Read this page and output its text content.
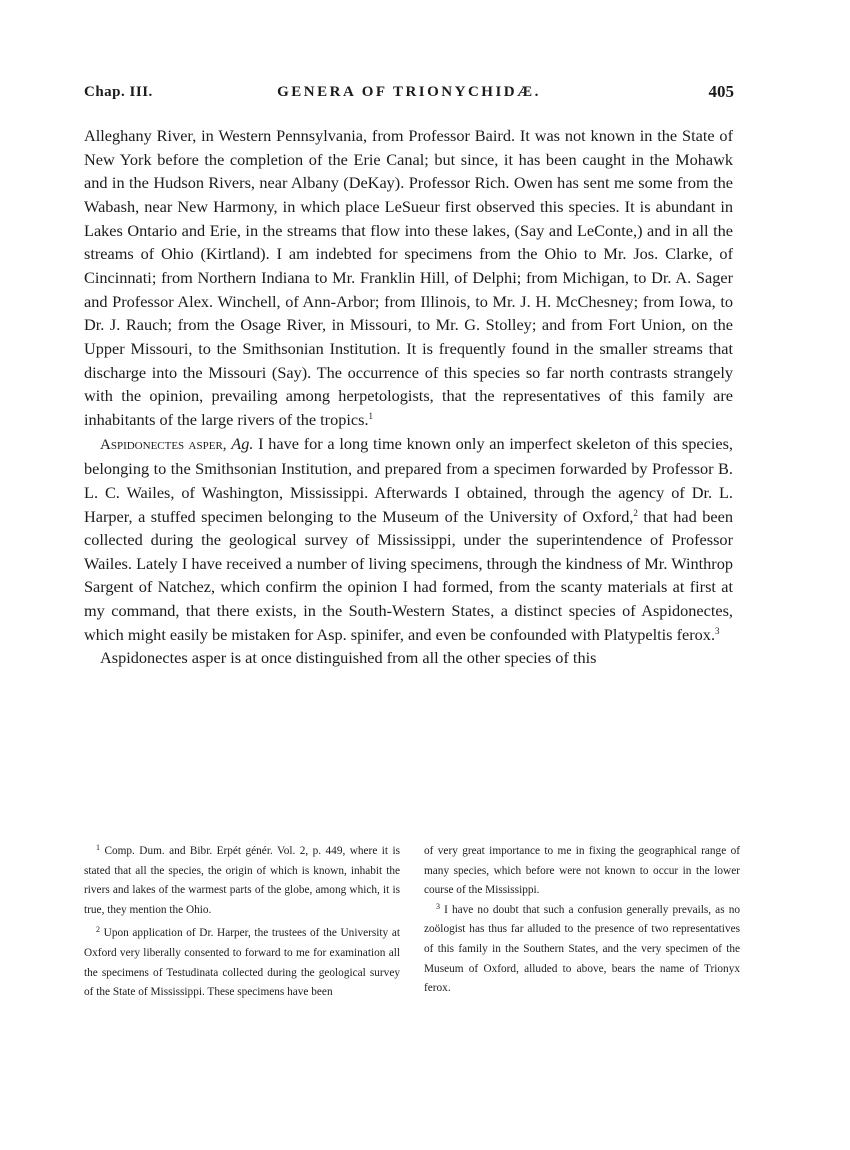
Chap. III.	GENERA OF TRIONYCHIDÆ.	405

Alleghany River, in Western Pennsylvania, from Professor Baird. It was not known in the State of New York before the completion of the Erie Canal; but since, it has been caught in the Mohawk and in the Hudson Rivers, near Albany (DeKay). Professor Rich. Owen has sent me some from the Wabash, near New Harmony, in which place LeSueur first observed this species. It is abundant in Lakes Ontario and Erie, in the streams that flow into these lakes, (Say and LeConte,) and in all the streams of Ohio (Kirtland). I am indebted for specimens from the Ohio to Mr. Jos. Clarke, of Cincinnati; from Northern Indiana to Mr. Franklin Hill, of Delphi; from Michigan, to Dr. A. Sager and Professor Alex. Winchell, of Ann-Arbor; from Illinois, to Mr. J. H. McChesney; from Iowa, to Dr. J. Rauch; from the Osage River, in Missouri, to Mr. G. Stolley; and from Fort Union, on the Upper Missouri, to the Smithsonian Institution. It is frequently found in the smaller streams that discharge into the Missouri (Say). The occurrence of this species so far north contrasts strangely with the opinion, prevailing among herpetologists, that the representatives of this family are inhabitants of the large rivers of the tropics.$^1$

Aspidonectes asper, Ag. I have for a long time known only an imperfect skeleton of this species, belonging to the Smithsonian Institution, and prepared from a specimen forwarded by Professor B. L. C. Wailes, of Washington, Mississippi. Afterwards I obtained, through the agency of Dr. L. Harper, a stuffed specimen belonging to the Museum of the University of Oxford,$^2$ that had been collected during the geological survey of Mississippi, under the superintendence of Professor Wailes. Lately I have received a number of living specimens, through the kindness of Mr. Winthrop Sargent of Natchez, which confirm the opinion I had formed, from the scanty materials at first at my command, that there exists, in the South-Western States, a distinct species of Aspidonectes, which might easily be mistaken for Asp. spinifer, and even be confounded with Platypeltis ferox.$^3$

Aspidonectes asper is at once distinguished from all the other species of this

$^1$ Comp. Dum. and Bibr. Erpét génér. Vol. 2, p. 449, where it is stated that all the species, the origin of which is known, inhabit the rivers and lakes of the warmest parts of the globe, among which, it is true, they mention the Ohio.

$^2$ Upon application of Dr. Harper, the trustees of the University at Oxford very liberally consented to forward to me for examination all the specimens of Testudinata collected during the geological survey of the State of Mississippi. These specimens have been

of very great importance to me in fixing the geographical range of many species, which before were not known to occur in the lower course of the Mississippi.

$^3$ I have no doubt that such a confusion generally prevails, as no zoölogist has thus far alluded to the presence of two representatives of this family in the Southern States, and the very specimen of the Museum of Oxford, alluded to above, bears the name of Trionyx ferox.
